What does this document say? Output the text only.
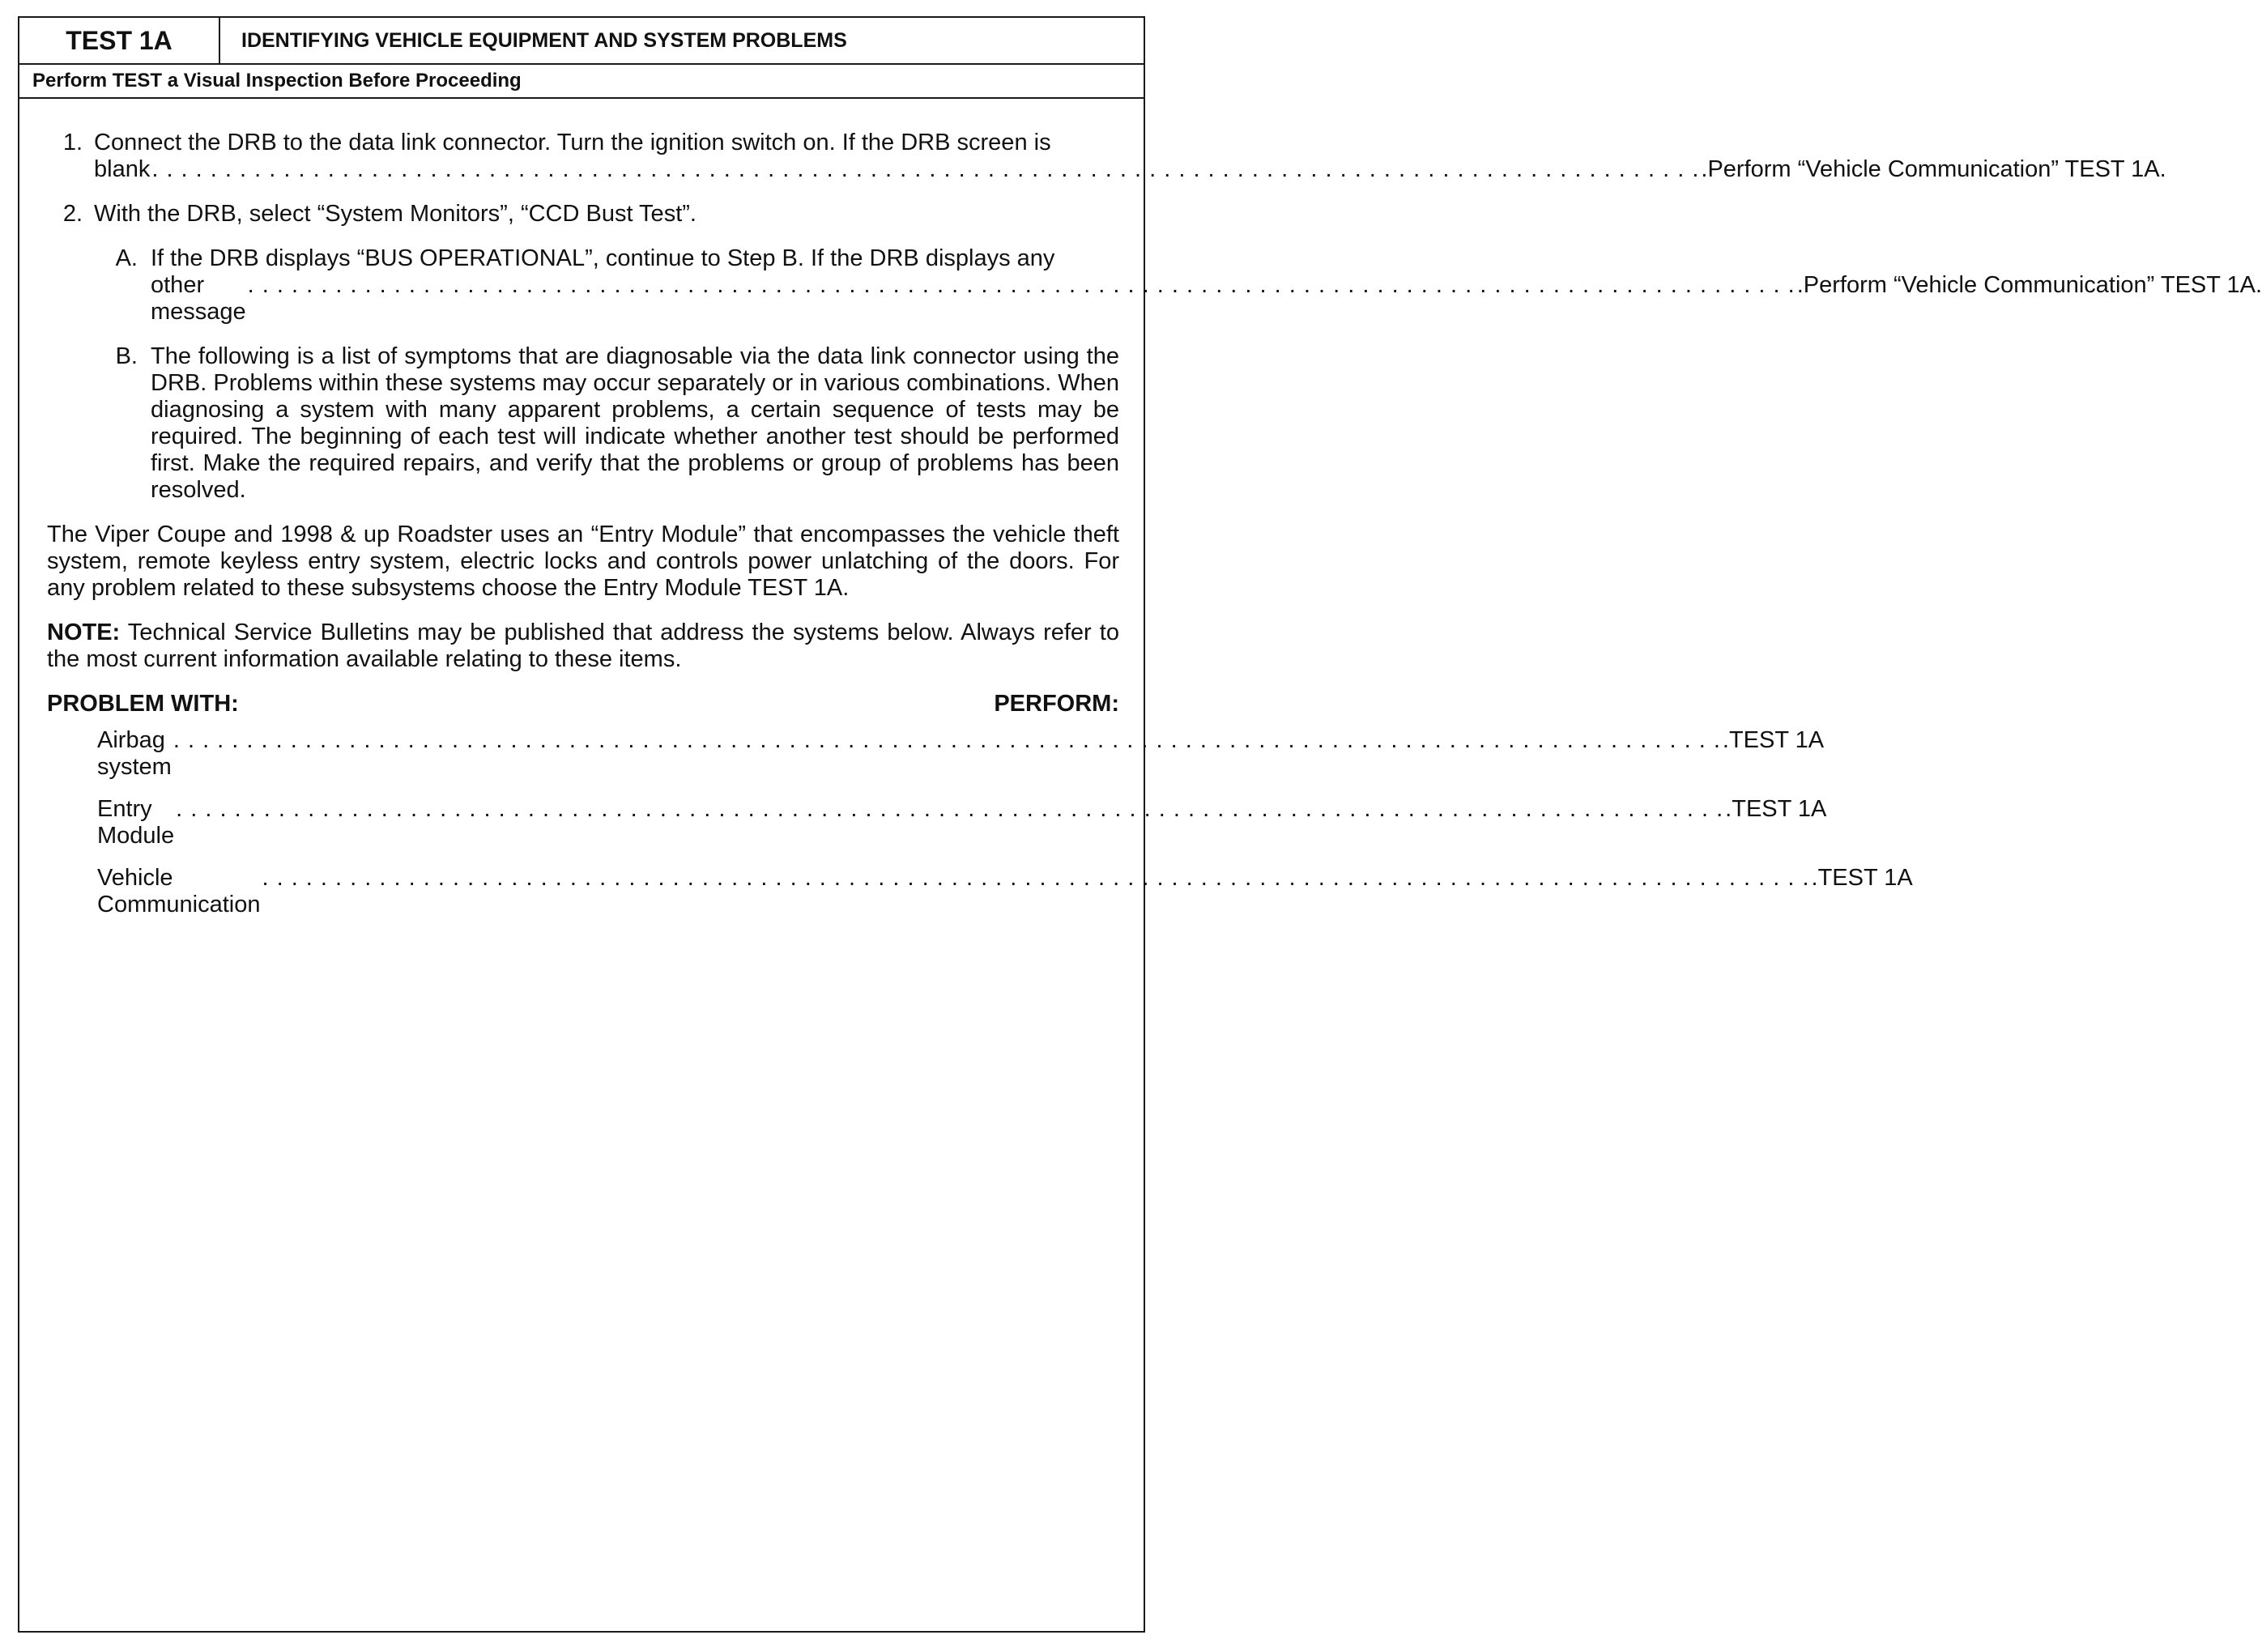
TEST 1A	IDENTIFYING VEHICLE EQUIPMENT AND SYSTEM PROBLEMS
Perform TEST a Visual Inspection Before Proceeding
1. Connect the DRB to the data link connector. Turn the ignition switch on. If the DRB screen is
blank
. . .	.Perform “Vehicle Communication” TEST 1A.
2. With the DRB, select “System Monitors”, “CCD Bust Test”.
A. If the DRB displays “BUS OPERATIONAL”, continue to Step B. If the DRB displays any
other message
. . .
.Perform “Vehicle Communication” TEST 1A.
B. The following is a list of symptoms that are diagnosable via the data link connector using the DRB. Problems within these systems may occur separately or in various combinations. When diagnosing a system with many apparent problems, a certain sequence of tests may be required. The beginning of each test will indicate whether another test should be performed first. Make the required repairs, and verify that the problems or group of problems has been resolved.
The Viper Coupe and 1998 & up Roadster uses an “Entry Module” that encompasses the vehicle theft system, remote keyless entry system, electric locks and controls power unlatching of the doors. For any problem related to these subsystems choose the Entry Module TEST 1A.
NOTE: Technical Service Bulletins may be published that address the systems below. Always refer to the most current information available relating to these items.
PROBLEM WITH:	PERFORM:
Airbag system
. . .
.TEST 1A
Entry Module
. . .
.TEST 1A
Vehicle Communication
. . .
.TEST 1A
